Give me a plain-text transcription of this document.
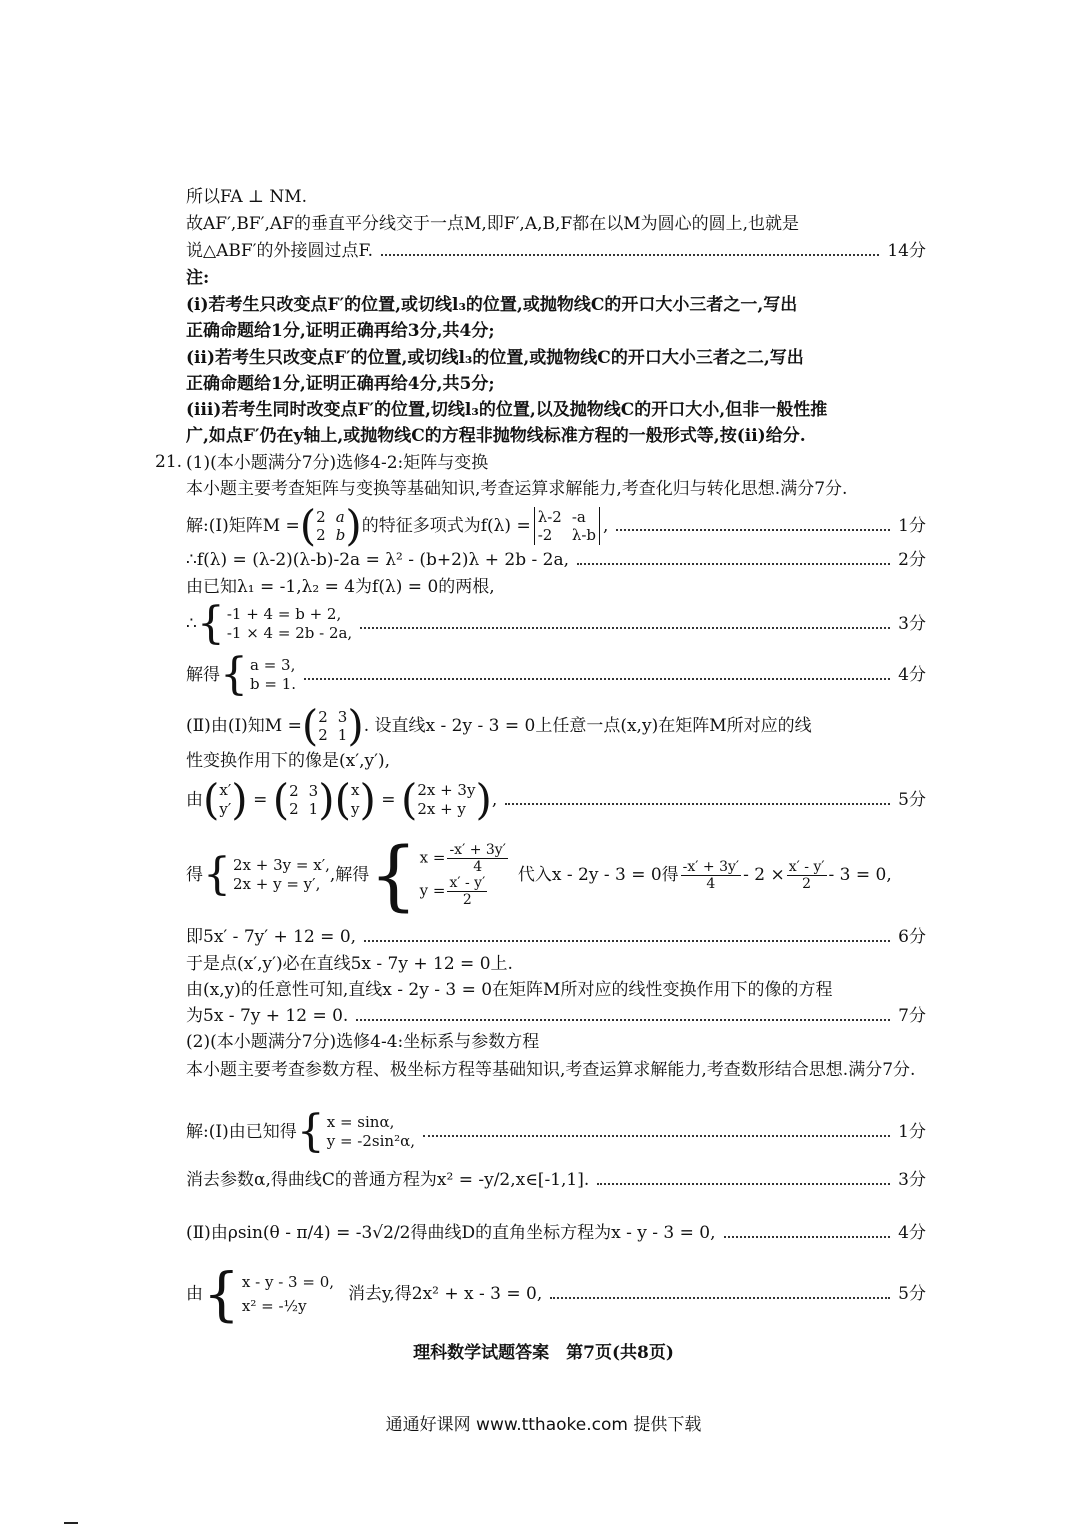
所以FA ⊥ NM.
故AF′,BF′,AF的垂直平分线交于一点M,即F′,A,B,F都在以M为圆心的圆上,也就是
说△ABF′的外接圆过点F.	14分
注:
(ⅰ)若考生只改变点F′的位置,或切线l₃的位置,或抛物线C的开口大小三者之一,写出
正确命题给1分,证明正确再给3分,共4分;
(ⅱ)若考生只改变点F′的位置,或切线l₃的位置,或抛物线C的开口大小三者之二,写出
正确命题给1分,证明正确再给4分,共5分;
(ⅲ)若考生同时改变点F′的位置,切线l₃的位置,以及抛物线C的开口大小,但非一般性推
广,如点F′仍在y轴上,或抛物线C的方程非抛物线标准方程的一般形式等,按(ⅱ)给分.
21. (1)(本小题满分7分)选修4-2:矩阵与变换
本小题主要考查矩阵与变换等基础知识,考查运算求解能力,考查化归与转化思想.满分7分.
解:(Ⅰ)矩阵M = ( 2 a
2 b ) 的特征多项式为f(λ) = λ-2 -a
-2	λ-b ,	1分
∴f(λ) = (λ-2)(λ-b)-2a = λ² - (b+2)λ + 2b - 2a,	2分
由已知λ₁ = -1,λ₂ = 4为f(λ) = 0的两根,
∴ { -1 + 4 = b + 2,
-1 × 4 = 2b - 2a,	3分
解得 { a = 3,
b = 1.	4分
(Ⅱ)由(Ⅰ)知M = ( 2 3
2 1 ) . 设直线x - 2y - 3 = 0上任意一点(x,y)在矩阵M所对应的线
性变换作用下的像是(x′,y′),
由 ( x′
y′ ) = ( 2 3
2 1 ) ( x
y ) = ( 2x + 3y
2x + y ) ,	5分
得 { 2x + 3y = x′,
2x + y = y′, ,解得 { $x = \frac{-x' + 3y'}{4}$
$y = \frac{x' - y'}{2}$ 代入x - 2y - 3 = 0得 $\frac{-x' + 3y'}{4} - 2 \times \frac{x' - y'}{2} - 3 = 0$,
即5x′ - 7y′ + 12 = 0,	6分
于是点(x′,y′)必在直线5x - 7y + 12 = 0上.
由(x,y)的任意性可知,直线x - 2y - 3 = 0在矩阵M所对应的线性变换作用下的像的方程
为5x - 7y + 12 = 0.	7分
(2)(本小题满分7分)选修4-4:坐标系与参数方程
本小题主要考查参数方程、极坐标方程等基础知识,考查运算求解能力,考查数形结合思想.满分7分.
解:(Ⅰ)由已知得 { x = sinα,
y = -2sin²α,	1分
消去参数α,得曲线C的普通方程为x² = -y/2,x∈[-1,1].	3分
(Ⅱ)由ρsin(θ - π/4) = -3√2/2得曲线D的直角坐标方程为x - y - 3 = 0,	4分
由 { x - y - 3 = 0,
x² = -½y
消去y,得2x² + x - 3 = 0,	5分
理科数学试题答案　第7页(共8页)
通通好课网 www.tthaoke.com 提供下载
